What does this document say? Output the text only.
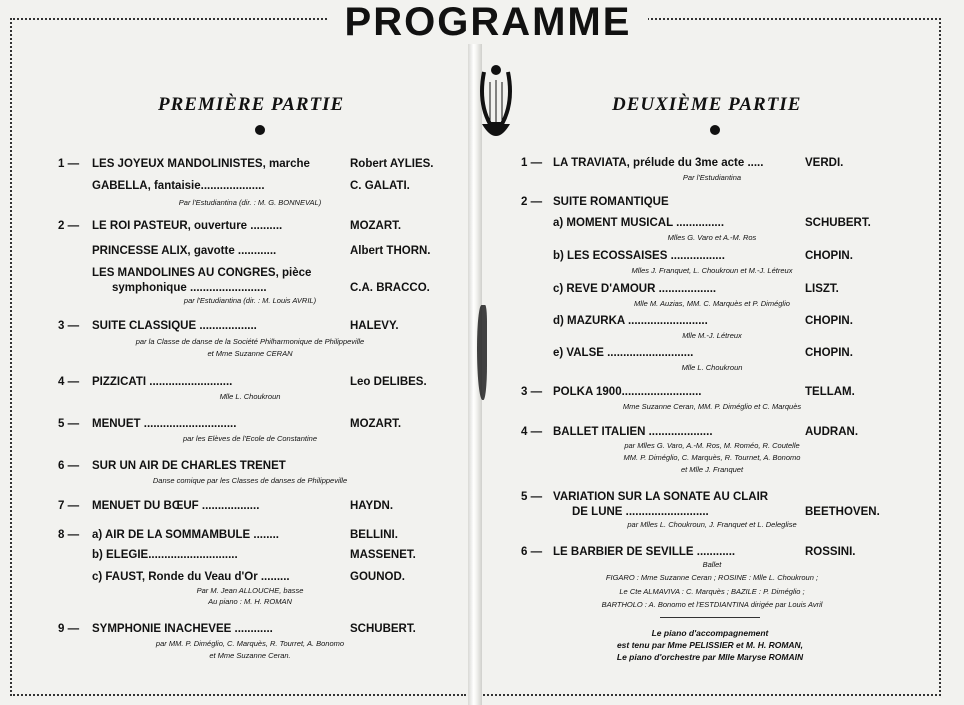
PROGRAMME
PREMIÈRE PARTIE
1 — LES JOYEUX MANDOLINISTES, marche	Robert AYLIES.
GABELLA, fantaisie....................	C. GALATI.
Par l'Estudiantina (dir. : M. G. BONNEVAL)
2 — LE ROI PASTEUR, ouverture ..........	MOZART.
PRINCESSE ALIX, gavotte ............	Albert THORN.
LES MANDOLINES AU CONGRES, pièce
symphonique ........................	C.A. BRACCO.
par l'Estudiantina (dir. : M. Louis AVRIL)
3 — SUITE CLASSIQUE ..................	HALEVY.
par la Classe de danse de la Société Philharmonique de Philippeville
et Mme Suzanne CERAN
4 — PIZZICATI ..........................	Leo DELIBES.
Mlle L. Choukroun
5 — MENUET .............................	MOZART.
par les Elèves de l'Ecole de Constantine
6 — SUR UN AIR DE CHARLES TRENET
Danse comique par les Classes de danses de Philippeville
7 — MENUET DU BŒUF ..................	HAYDN.
8 — a) AIR DE LA SOMMAMBULE ........	BELLINI.
b) ELEGIE............................	MASSENET.
c) FAUST, Ronde du Veau d'Or .........	GOUNOD.
Par M. Jean ALLOUCHE, basse
Au piano : M. H. ROMAN
9 — SYMPHONIE INACHEVEE ............	SCHUBERT.
par MM. P. Diméglio, C. Marquès, R. Tourret, A. Bonomo
et Mme Suzanne Ceran.
DEUXIÈME PARTIE
1 — LA TRAVIATA, prélude du 3me acte .....	VERDI.
Par l'Estudiantina
2 — SUITE ROMANTIQUE
a) MOMENT MUSICAL ...............	SCHUBERT.
Mlles G. Varo et A.-M. Ros
b) LES ECOSSAISES .................	CHOPIN.
Mlles J. Franquet, L. Choukroun et M.-J. Létreux
c) REVE D'AMOUR ..................	LISZT.
Mlle M. Auzias, MM. C. Marquès et P. Diméglio
d) MAZURKA .........................	CHOPIN.
Mlle M.-J. Létreux
e) VALSE ...........................	CHOPIN.
Mlle L. Choukroun
3 — POLKA 1900.........................	TELLAM.
Mme Suzanne Ceran, MM. P. Diméglio et C. Marquès
4 — BALLET ITALIEN ....................	AUDRAN.
par Mlles G. Varo, A.-M. Ros, M. Roméo, R. Coutelle
MM. P. Diméglio, C. Marquès, R. Tournet, A. Bonomo
et Mlle J. Franquet
5 — VARIATION SUR LA SONATE AU CLAIR
DE LUNE ..........................	BEETHOVEN.
par Mlles L. Choukroun, J. Franquet et L. Deleglise
6 — LE BARBIER DE SEVILLE ............	ROSSINI.
Ballet
FIGARO : Mme Suzanne Ceran ; ROSINE : Mlle L. Choukroun ;
Le Cte ALMAVIVA : C. Marquès ; BAZILE : P. Diméglio ;
BARTHOLO : A. Bonomo et l'ESTDIANTINA dirigée par Louis Avril
Le piano d'accompagnement
est tenu par Mme PELISSIER et M. H. ROMAN,
Le piano d'orchestre par Mlle Maryse ROMAIN
